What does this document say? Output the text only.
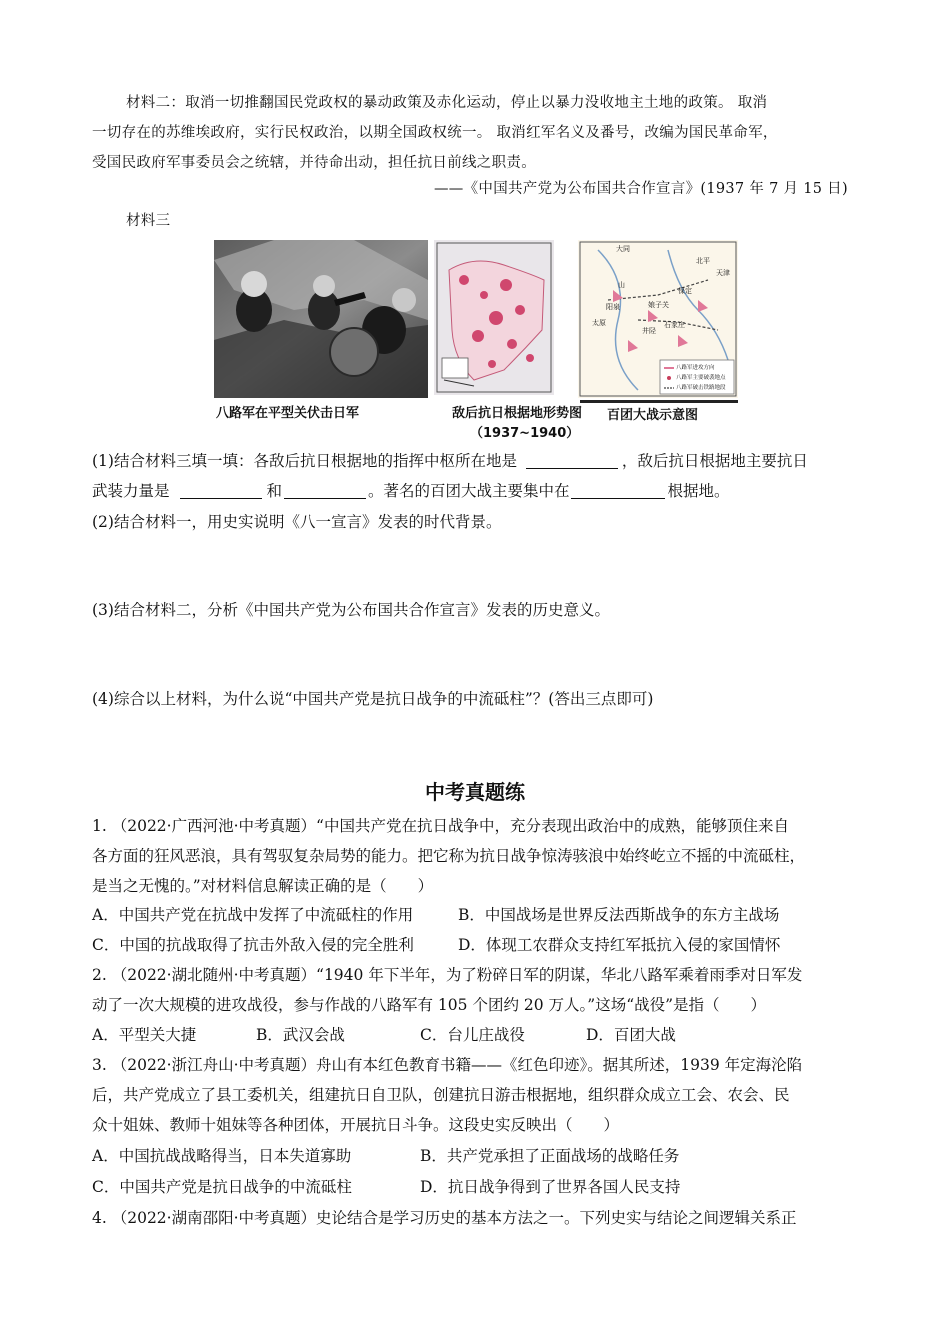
材料二：取消一切推翻国民党政权的暴动政策及赤化运动，停止以暴力没收地主土地的政策。 取消
一切存在的苏维埃政府，实行民权政治，以期全国政权统一。 取消红军名义及番号，改编为国民革命军，
受国民政府军事委员会之统辖，并待命出动，担任抗日前线之职责。
——《中国共产党为公布国共合作宣言》(1937 年 7 月 15 日)
材料三
大同
天津
北平
保定
太原	石家庄
阳泉	娘子关
井陉
山
八路军进攻方向
八路军主要破袭地点
八路军破击铁路地段
八路军在平型关伏击日军	敌后抗日根据地形势图
（1937~1940）
百团大战示意图
(1)结合材料三填一填：各敌后抗日根据地的指挥中枢所在地是	，敌后抗日根据地主要抗日
武装力量是	和	。著名的百团大战主要集中在	根据地。
(2)结合材料一，用史实说明《八一宣言》发表的时代背景。
(3)结合材料二，分析《中国共产党为公布国共合作宣言》发表的历史意义。
(4)综合以上材料，为什么说“中国共产党是抗日战争的中流砥柱”？(答出三点即可)
中考真题练
1. （2022·广西河池·中考真题）“中国共产党在抗日战争中，充分表现出政治中的成熟，能够顶住来自
各方面的狂风恶浪，具有驾驭复杂局势的能力。把它称为抗日战争惊涛骇浪中始终屹立不摇的中流砥柱，
是当之无愧的。”对材料信息解读正确的是（　　）
A．中国共产党在抗战中发挥了中流砥柱的作用	B．中国战场是世界反法西斯战争的东方主战场
C．中国的抗战取得了抗击外敌入侵的完全胜利	D．体现工农群众支持红军抵抗入侵的家国情怀
2. （2022·湖北随州·中考真题）“1940 年下半年，为了粉碎日军的阴谋，华北八路军乘着雨季对日军发
动了一次大规模的进攻战役，参与作战的八路军有 105 个团约 20 万人。”这场“战役”是指（　　）
A．平型关大捷	B．武汉会战	C．台儿庄战役	D．百团大战
3. （2022·浙江舟山·中考真题）舟山有本红色教育书籍——《红色印迹》。据其所述，1939 年定海沦陷
后，共产党成立了县工委机关，组建抗日自卫队，创建抗日游击根据地，组织群众成立工会、农会、民
众十姐妹、教师十姐妹等各种团体，开展抗日斗争。这段史实反映出（　　）
A．中国抗战战略得当，日本失道寡助	B．共产党承担了正面战场的战略任务
C．中国共产党是抗日战争的中流砥柱	D．抗日战争得到了世界各国人民支持
4. （2022·湖南邵阳·中考真题）史论结合是学习历史的基本方法之一。下列史实与结论之间逻辑关系正
